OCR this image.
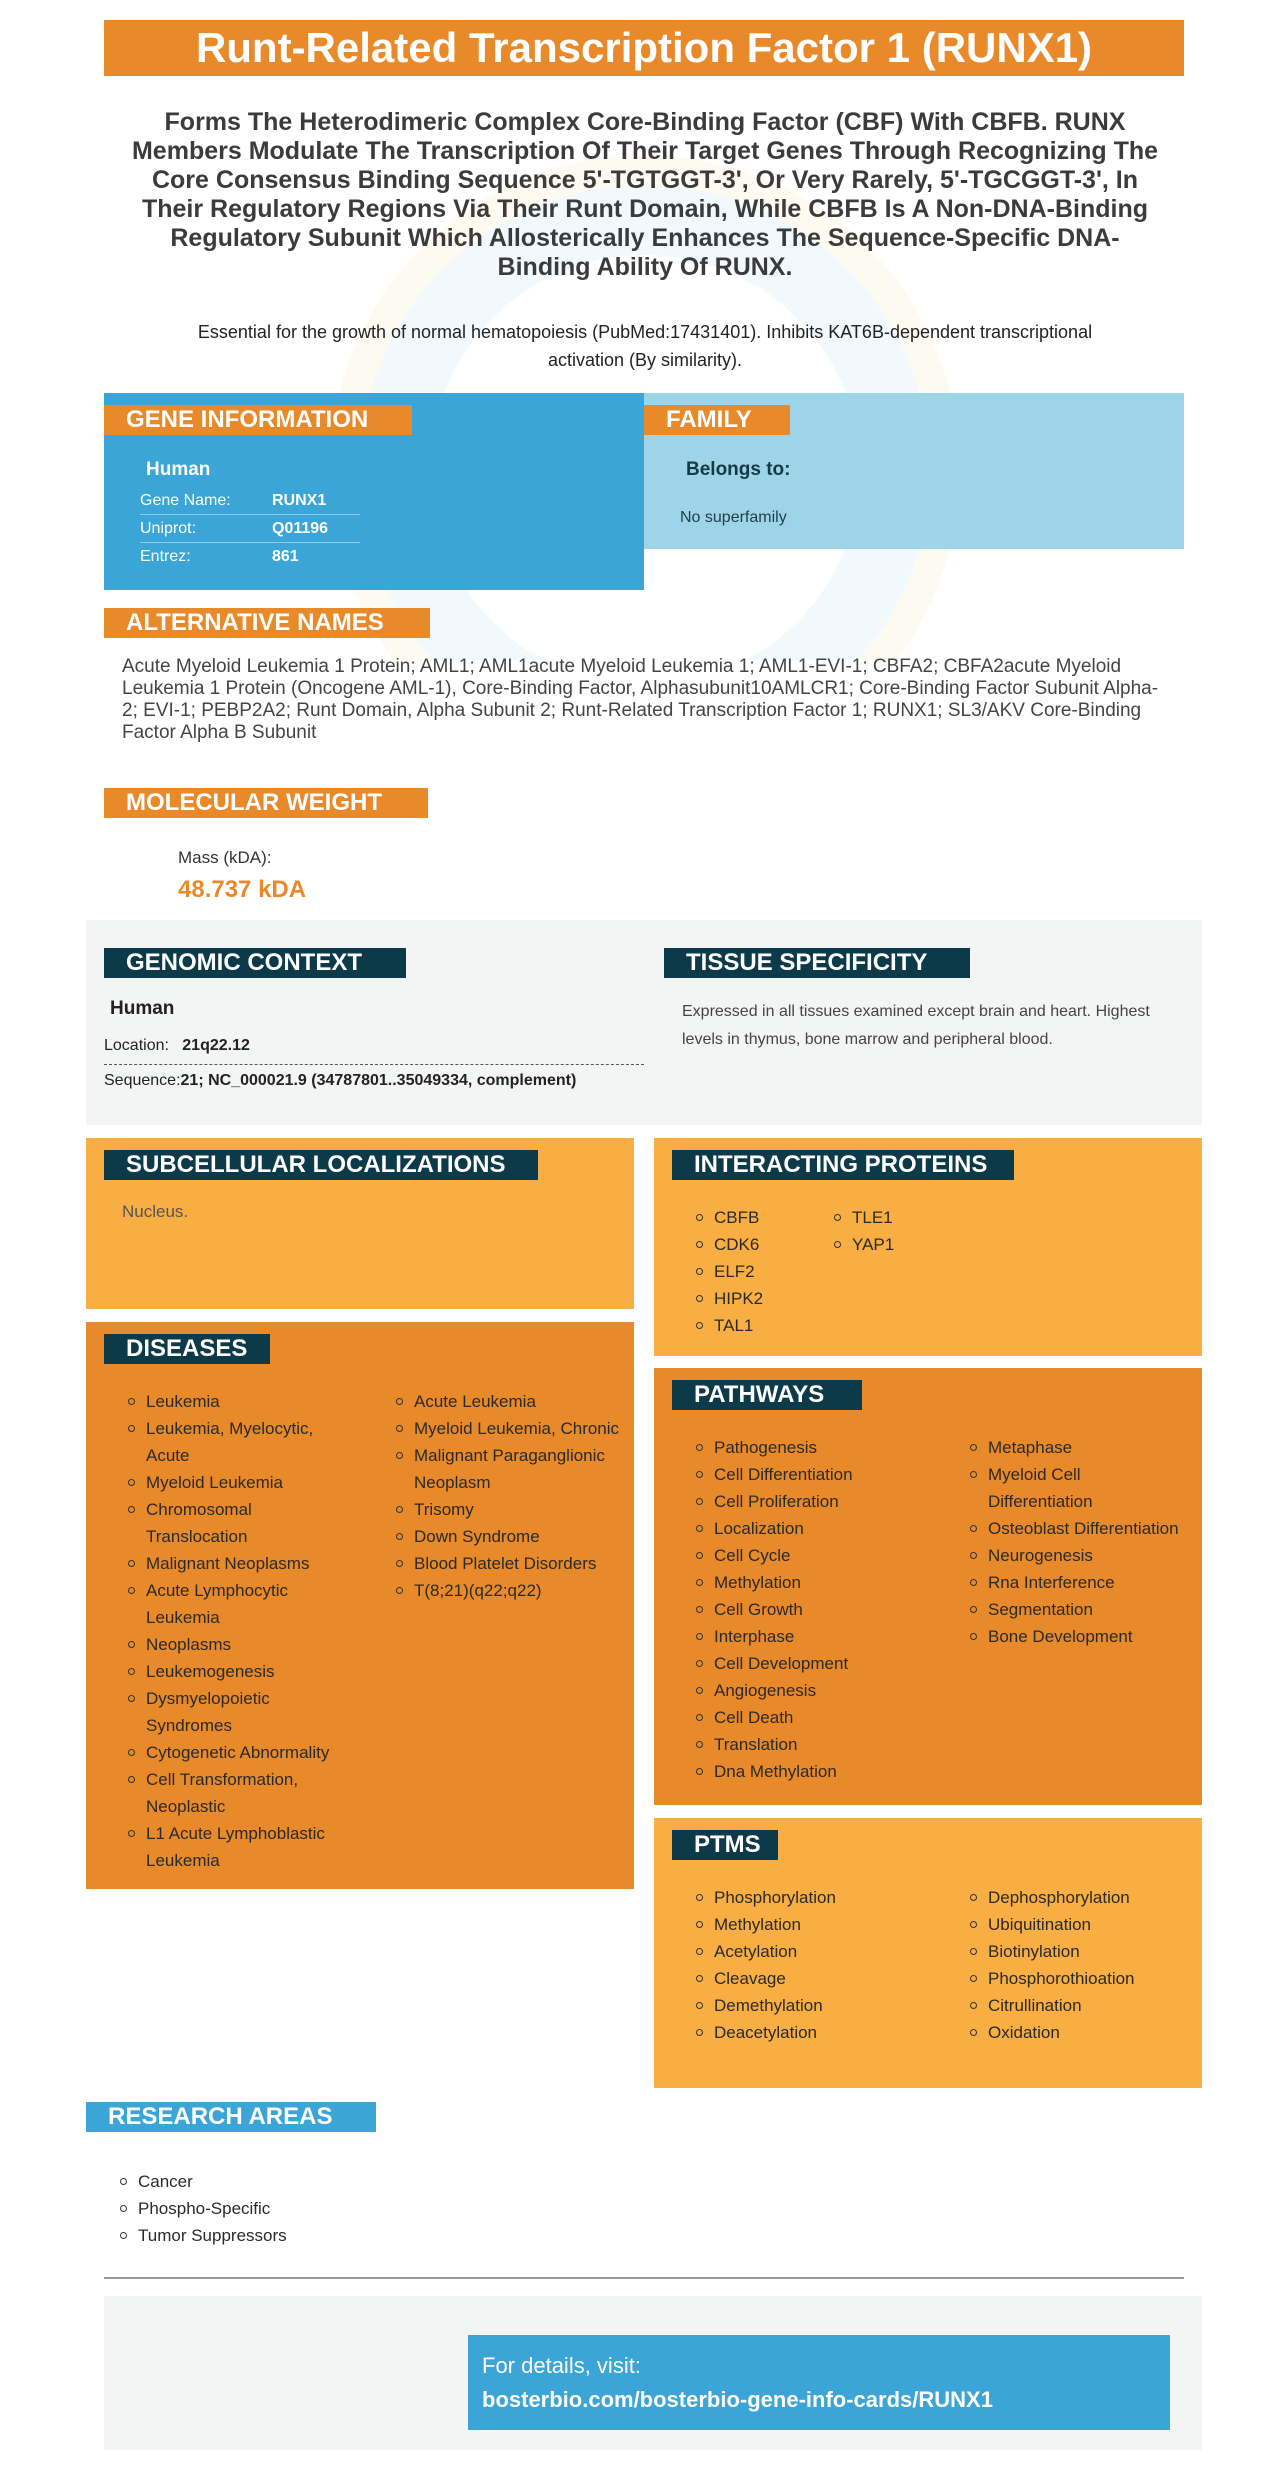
Runt-Related Transcription Factor 1 (RUNX1)
Forms The Heterodimeric Complex Core-Binding Factor (CBF) With CBFB. RUNX Members Modulate The Transcription Of Their Target Genes Through Recognizing The Core Consensus Binding Sequence 5'-TGTGGT-3', Or Very Rarely, 5'-TGCGGT-3', In Their Regulatory Regions Via Their Runt Domain, While CBFB Is A Non-DNA-Binding Regulatory Subunit Which Allosterically Enhances The Sequence-Specific DNA-Binding Ability Of RUNX.
Essential for the growth of normal hematopoiesis (PubMed:17431401). Inhibits KAT6B-dependent transcriptional activation (By similarity).
GENE INFORMATION
Human
Gene Name:	RUNX1
Uniprot:	Q01196
Entrez:	861
FAMILY
Belongs to:
No superfamily
ALTERNATIVE NAMES
Acute Myeloid Leukemia 1 Protein; AML1; AML1acute Myeloid Leukemia 1; AML1-EVI-1; CBFA2; CBFA2acute Myeloid Leukemia 1 Protein (Oncogene AML-1), Core-Binding Factor, Alphasubunit10AMLCR1; Core-Binding Factor Subunit Alpha-2; EVI-1; PEBP2A2; Runt Domain, Alpha Subunit 2; Runt-Related Transcription Factor 1; RUNX1; SL3/AKV Core-Binding Factor Alpha B Subunit
MOLECULAR WEIGHT
Mass (kDA):
48.737 kDA
GENOMIC CONTEXT
Human
Location: 21q22.12
Sequence:21; NC_000021.9 (34787801..35049334, complement)
TISSUE SPECIFICITY
Expressed in all tissues examined except brain and heart. Highest levels in thymus, bone marrow and peripheral blood.
SUBCELLULAR LOCALIZATIONS
Nucleus.
INTERACTING PROTEINS
CBFB
CDK6
ELF2
HIPK2
TAL1
TLE1
YAP1
DISEASES
Leukemia
Leukemia, Myelocytic, Acute
Myeloid Leukemia
Chromosomal Translocation
Malignant Neoplasms
Acute Lymphocytic Leukemia
Neoplasms
Leukemogenesis
Dysmyelopoietic Syndromes
Cytogenetic Abnormality
Cell Transformation, Neoplastic
L1 Acute Lymphoblastic Leukemia
Acute Leukemia
Myeloid Leukemia, Chronic
Malignant Paraganglionic Neoplasm
Trisomy
Down Syndrome
Blood Platelet Disorders
T(8;21)(q22;q22)
PATHWAYS
Pathogenesis
Cell Differentiation
Cell Proliferation
Localization
Cell Cycle
Methylation
Cell Growth
Interphase
Cell Development
Angiogenesis
Cell Death
Translation
Dna Methylation
Metaphase
Myeloid Cell Differentiation
Osteoblast Differentiation
Neurogenesis
Rna Interference
Segmentation
Bone Development
PTMS
Phosphorylation
Methylation
Acetylation
Cleavage
Demethylation
Deacetylation
Dephosphorylation
Ubiquitination
Biotinylation
Phosphorothioation
Citrullination
Oxidation
RESEARCH AREAS
Cancer
Phospho-Specific
Tumor Suppressors
For details, visit:
bosterbio.com/bosterbio-gene-info-cards/RUNX1
